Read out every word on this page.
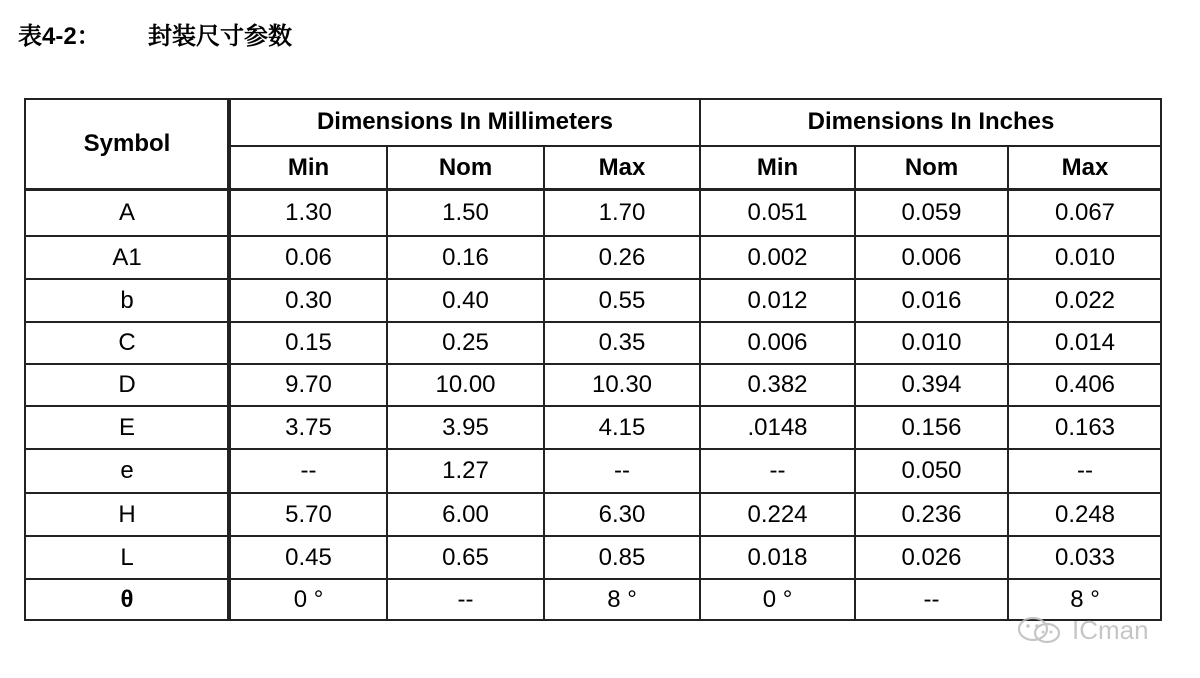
表4-2： 封装尺寸参数
Symbol
Dimensions In Millimeters	Dimensions In Inches
Min	Nom	Max	Min	Nom	Max
A	1.30	1.50	1.70	0.051	0.059	0.067
A1	0.06	0.16	0.26	0.002	0.006	0.010
b	0.30	0.40	0.55	0.012	0.016	0.022
C	0.15	0.25	0.35	0.006	0.010	0.014
D	9.70	10.00	10.30	0.382	0.394	0.406
E	3.75	3.95	4.15	.0148	0.156	0.163
e	--	1.27	--	--	0.050	--
H	5.70	6.00	6.30	0.224	0.236	0.248
L	0.45	0.65	0.85	0.018	0.026	0.033
θ	0 °	--	8 °	0 °	--	8 °
ICman
